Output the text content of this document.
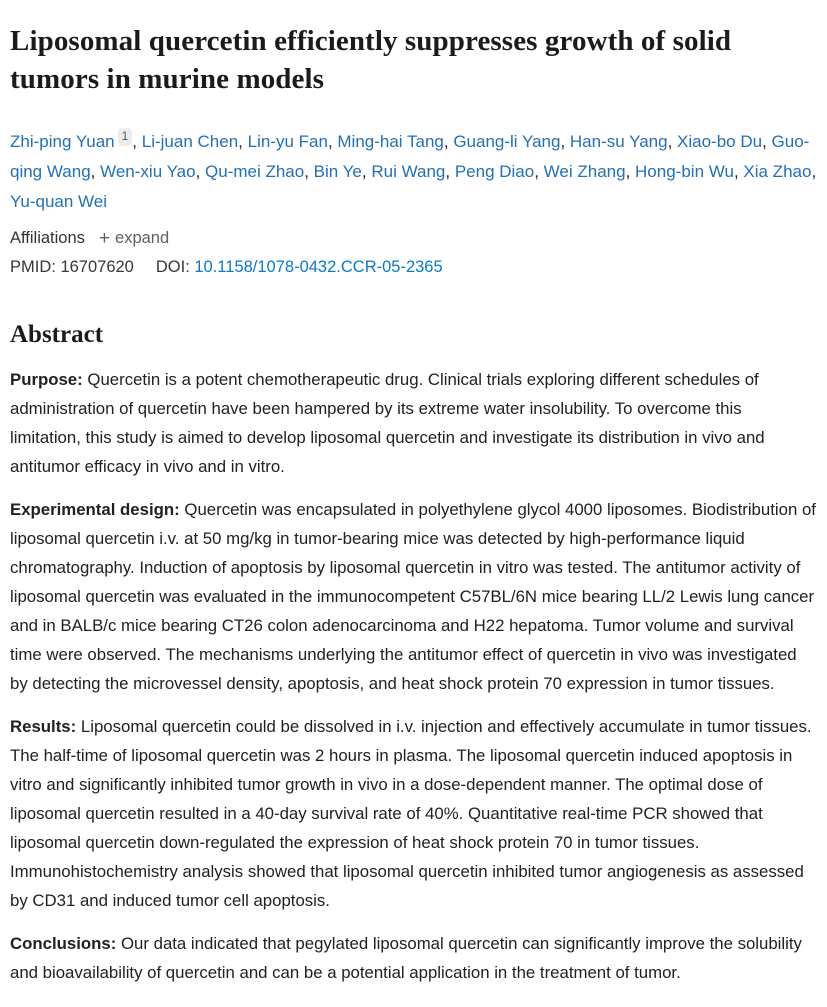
Liposomal quercetin efficiently suppresses growth of solid tumors in murine models
Zhi-ping Yuan $^1$ , Li-juan Chen, Lin-yu Fan, Ming-hai Tang, Guang-li Yang, Han-su Yang, Xiao-bo Du, Guo-qing Wang, Wen-xiu Yao, Qu-mei Zhao, Bin Ye, Rui Wang, Peng Diao, Wei Zhang, Hong-bin Wu, Xia Zhao, Yu-quan Wei
Affiliations + expand
PMID: 16707620 DOI: 10.1158/1078-0432.CCR-05-2365
Abstract

Purpose: Quercetin is a potent chemotherapeutic drug. Clinical trials exploring different schedules of administration of quercetin have been hampered by its extreme water insolubility. To overcome this limitation, this study is aimed to develop liposomal quercetin and investigate its distribution in vivo and antitumor efficacy in vivo and in vitro.

Experimental design: Quercetin was encapsulated in polyethylene glycol 4000 liposomes. Biodistribution of liposomal quercetin i.v. at 50 mg/kg in tumor-bearing mice was detected by high-performance liquid chromatography. Induction of apoptosis by liposomal quercetin in vitro was tested. The antitumor activity of liposomal quercetin was evaluated in the immunocompetent C57BL/6N mice bearing LL/2 Lewis lung cancer and in BALB/c mice bearing CT26 colon adenocarcinoma and H22 hepatoma. Tumor volume and survival time were observed. The mechanisms underlying the antitumor effect of quercetin in vivo was investigated by detecting the microvessel density, apoptosis, and heat shock protein 70 expression in tumor tissues.

Results: Liposomal quercetin could be dissolved in i.v. injection and effectively accumulate in tumor tissues. The half-time of liposomal quercetin was 2 hours in plasma. The liposomal quercetin induced apoptosis in vitro and significantly inhibited tumor growth in vivo in a dose-dependent manner. The optimal dose of liposomal quercetin resulted in a 40-day survival rate of 40%. Quantitative real-time PCR showed that liposomal quercetin down-regulated the expression of heat shock protein 70 in tumor tissues. Immunohistochemistry analysis showed that liposomal quercetin inhibited tumor angiogenesis as assessed by CD31 and induced tumor cell apoptosis.

Conclusions: Our data indicated that pegylated liposomal quercetin can significantly improve the solubility and bioavailability of quercetin and can be a potential application in the treatment of tumor.
